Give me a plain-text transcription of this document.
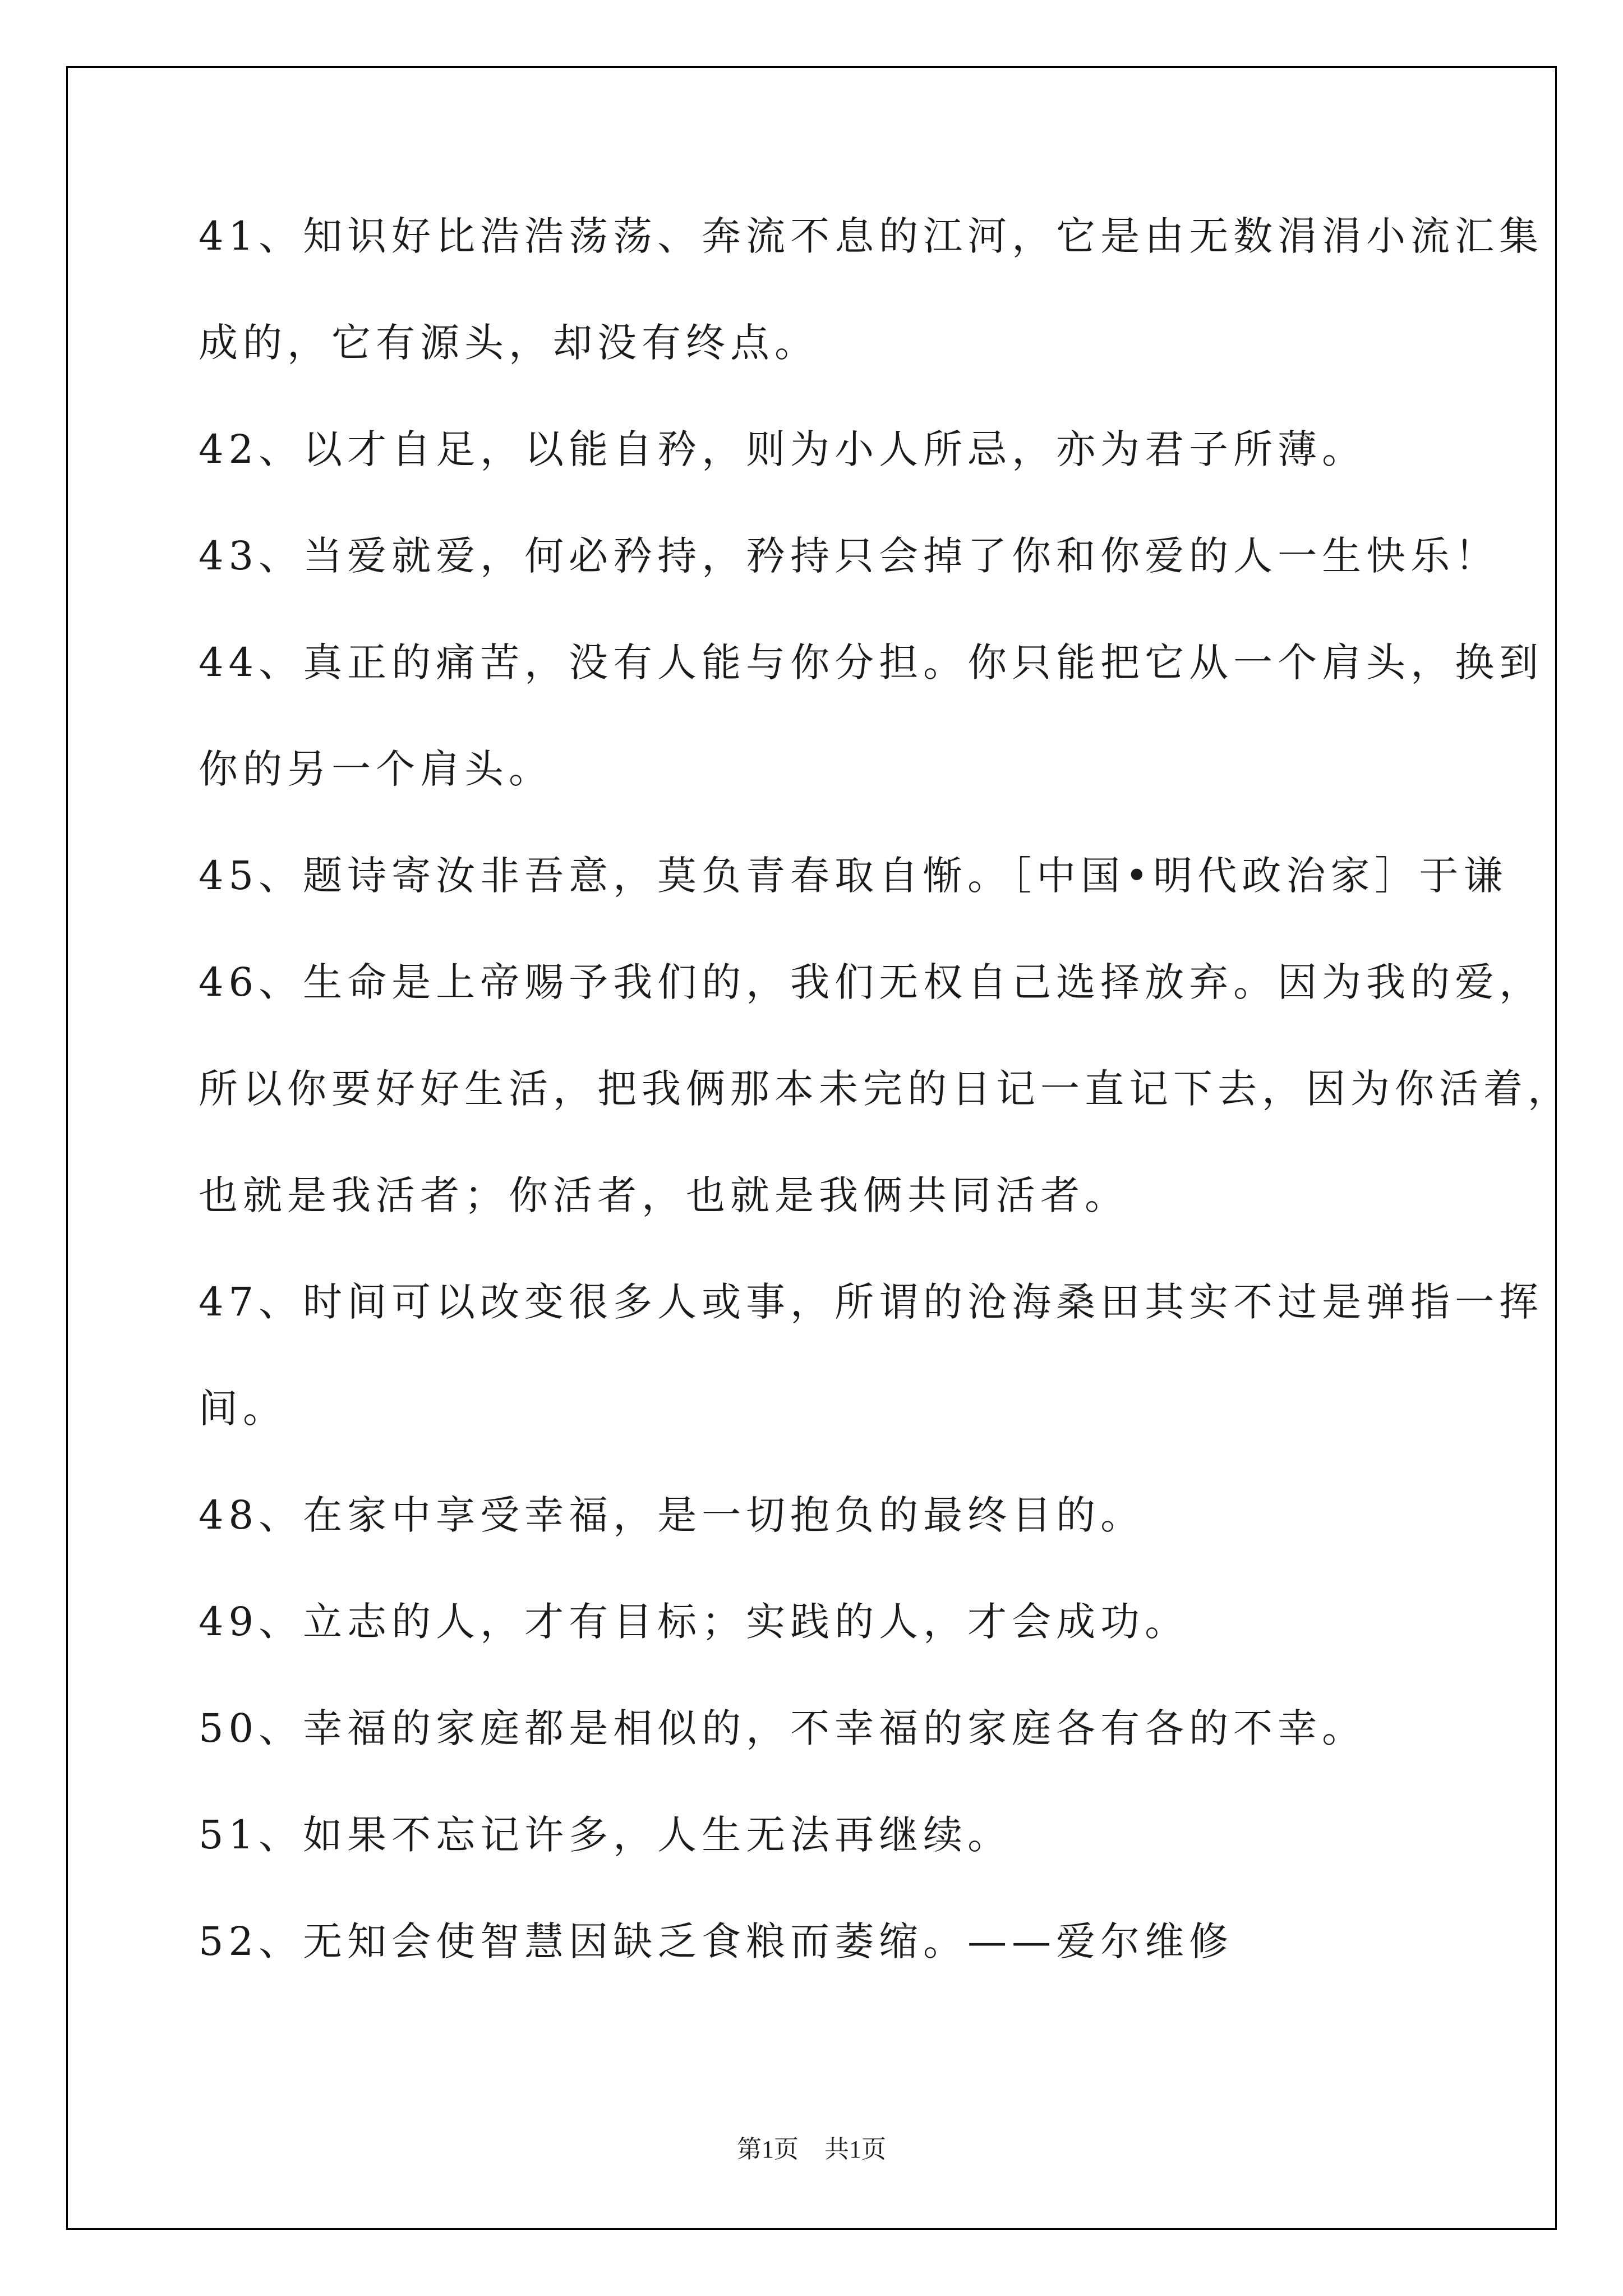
41、知识好比浩浩荡荡、奔流不息的江河，它是由无数涓涓小流汇集
成的，它有源头，却没有终点。
42、以才自足，以能自矜，则为小人所忌，亦为君子所薄。
43、当爱就爱，何必矜持，矜持只会掉了你和你爱的人一生快乐！
44、真正的痛苦，没有人能与你分担。你只能把它从一个肩头，换到
你的另一个肩头。
45、题诗寄汝非吾意，莫负青春取自惭。［中国•明代政治家］于谦
46、生命是上帝赐予我们的，我们无权自己选择放弃。因为我的爱，
所以你要好好生活，把我俩那本未完的日记一直记下去，因为你活着，
也就是我活者；你活者，也就是我俩共同活者。
47、时间可以改变很多人或事，所谓的沧海桑田其实不过是弹指一挥
间。
48、在家中享受幸福，是一切抱负的最终目的。
49、立志的人，才有目标；实践的人，才会成功。
50、幸福的家庭都是相似的，不幸福的家庭各有各的不幸。
51、如果不忘记许多，人生无法再继续。
52、无知会使智慧因缺乏食粮而萎缩。——爱尔维修
第1页 共1页
